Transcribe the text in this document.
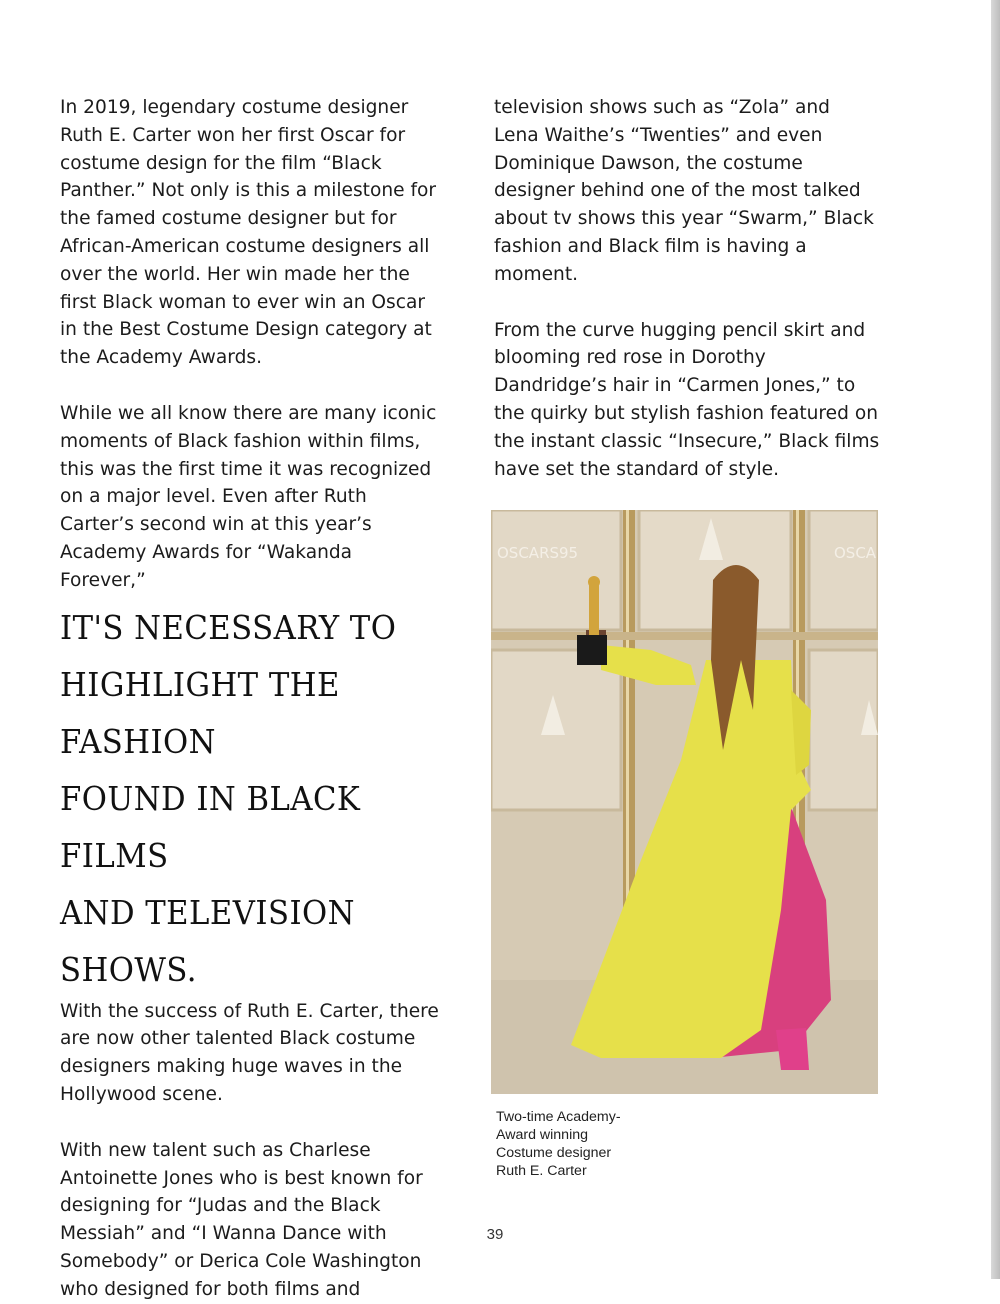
In 2019, legendary costume designer
Ruth E. Carter won her first Oscar for
costume design for the film “Black
Panther.” Not only is this a milestone for
the famed costume designer but for
African-American costume designers all
over the world. Her win made her the
first Black woman to ever win an Oscar
in the Best Costume Design category at
the Academy Awards.

While we all know there are many iconic
moments of Black fashion within films,
this was the first time it was recognized
on a major level. Even after Ruth
Carter’s second win at this year’s
Academy Awards for “Wakanda
Forever,”

IT'S NECESSARY TO
HIGHLIGHT THE FASHION
FOUND IN BLACK FILMS
AND TELEVISION
SHOWS.

With the success of Ruth E. Carter, there
are now other talented Black costume
designers making huge waves in the
Hollywood scene.

With new talent such as Charlese
Antoinette Jones who is best known for
designing for “Judas and the Black
Messiah” and “I Wanna Dance with
Somebody” or Derica Cole Washington
who designed for both films and

television shows such as “Zola” and
Lena Waithe’s “Twenties” and even
Dominique Dawson, the costume
designer behind one of the most talked
about tv shows this year “Swarm,” Black
fashion and Black film is having a
moment.

From the curve hugging pencil skirt and
blooming red rose in Dorothy
Dandridge’s hair in “Carmen Jones,” to
the quirky but stylish fashion featured on
the instant classic “Insecure,” Black films
have set the standard of style.

OSCARS95	OSCA
Two-time Academy-
Award winning
Costume designer
Ruth E. Carter
39
